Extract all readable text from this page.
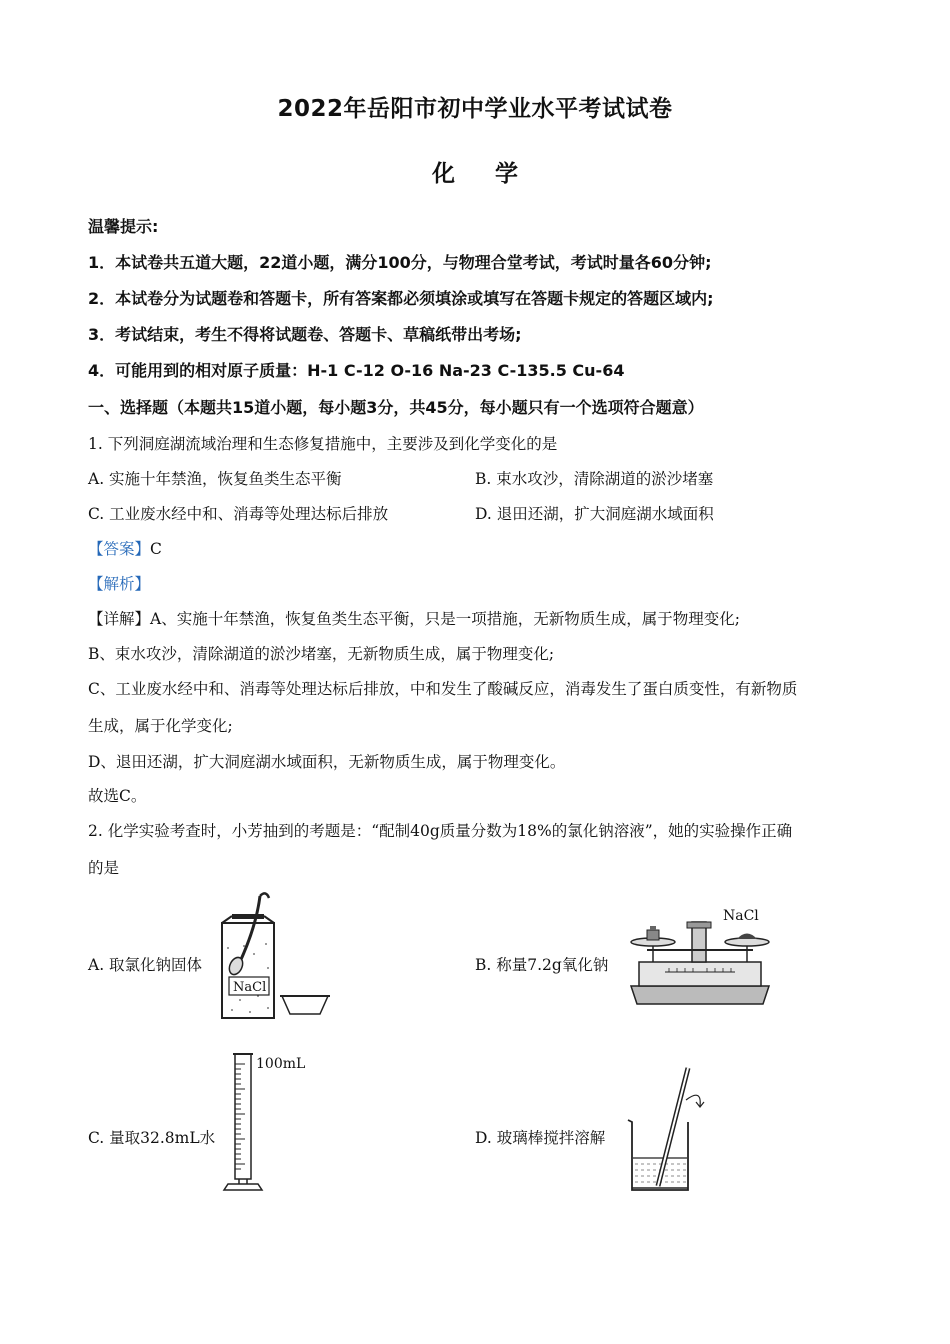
2022年岳阳市初中学业水平考试试卷
化 学
温馨提示:
1．本试卷共五道大题，22道小题，满分100分，与物理合堂考试，考试时量各60分钟;
2．本试卷分为试题卷和答题卡，所有答案都必须填涂或填写在答题卡规定的答题区域内;
3．考试结束，考生不得将试题卷、答题卡、草稿纸带出考场;
4．可能用到的相对原子质量：H-1 C-12 O-16 Na-23 C-135.5 Cu-64
一、选择题（本题共15道小题，每小题3分，共45分，每小题只有一个选项符合题意）
1. 下列洞庭湖流域治理和生态修复措施中，主要涉及到化学变化的是
A. 实施十年禁渔，恢复鱼类生态平衡	B. 束水攻沙，清除湖道的淤沙堵塞
C. 工业废水经中和、消毒等处理达标后排放	D. 退田还湖，扩大洞庭湖水域面积
【答案】C
【解析】
【详解】A、实施十年禁渔，恢复鱼类生态平衡，只是一项措施，无新物质生成，属于物理变化;
B、束水攻沙，清除湖道的淤沙堵塞，无新物质生成，属于物理变化;
C、工业废水经中和、消毒等处理达标后排放，中和发生了酸碱反应，消毒发生了蛋白质变性，有新物质
生成，属于化学变化;
D、退田还湖，扩大洞庭湖水域面积，无新物质生成，属于物理变化。
故选C。
2. 化学实验考查时，小芳抽到的考题是：“配制40g质量分数为18%的氯化钠溶液”，她的实验操作正确
的是
A. 取氯化钠固体	B. 称量7.2g氧化钠
C. 量取32.8mL水	D. 玻璃棒搅拌溶解
NaCl
NaCl
100mL
